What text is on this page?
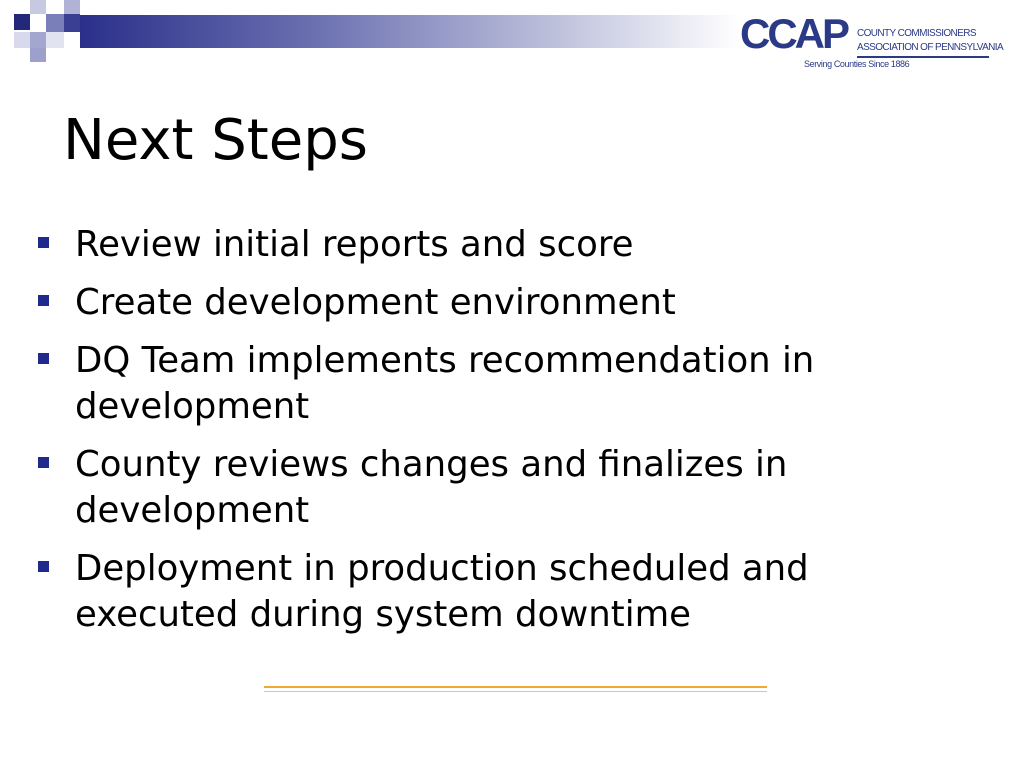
CCAP COUNTY COMMISSIONERS
ASSOCIATION OF PENNSYLVANIA
Serving Counties Since 1886
Next Steps
Review initial reports and score
Create development environment
DQ Team implements recommendation in development
County reviews changes and finalizes in development
Deployment in production scheduled and executed during system downtime
